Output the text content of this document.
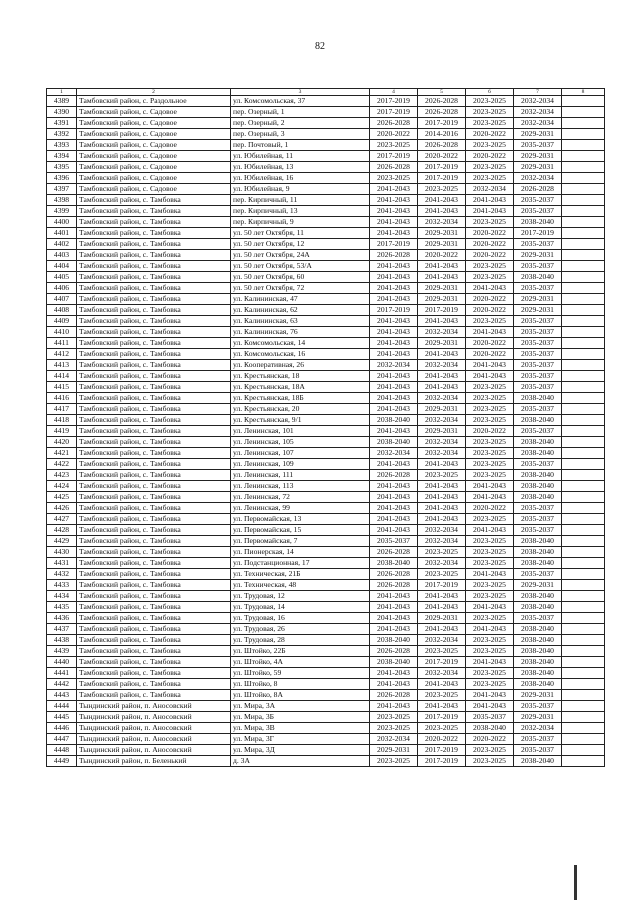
82
1	2	3	4	5	6	7	8
4389	Тамбовский район, с. Раздольное	ул. Комсомольская, 37	2017-2019	2026-2028	2023-2025	2032-2034	
4390	Тамбовский район, с. Садовое	пер. Озерный, 1	2017-2019	2026-2028	2023-2025	2032-2034	
4391	Тамбовский район, с. Садовое	пер. Озерный, 2	2026-2028	2017-2019	2023-2025	2032-2034	
4392	Тамбовский район, с. Садовое	пер. Озерный, 3	2020-2022	2014-2016	2020-2022	2029-2031	
4393	Тамбовский район, с. Садовое	пер. Почтовый, 1	2023-2025	2026-2028	2023-2025	2035-2037	
4394	Тамбовский район, с. Садовое	ул. Юбилейная, 11	2017-2019	2020-2022	2020-2022	2029-2031	
4395	Тамбовский район, с. Садовое	ул. Юбилейная, 13	2026-2028	2017-2019	2023-2025	2029-2031	
4396	Тамбовский район, с. Садовое	ул. Юбилейная, 16	2023-2025	2017-2019	2023-2025	2032-2034	
4397	Тамбовский район, с. Садовое	ул. Юбилейная, 9	2041-2043	2023-2025	2032-2034	2026-2028	
4398	Тамбовский район, с. Тамбовка	пер. Кирпичный, 11	2041-2043	2041-2043	2041-2043	2035-2037	
4399	Тамбовский район, с. Тамбовка	пер. Кирпичный, 13	2041-2043	2041-2043	2041-2043	2035-2037	
4400	Тамбовский район, с. Тамбовка	пер. Кирпичный, 9	2041-2043	2032-2034	2023-2025	2038-2040	
4401	Тамбовский район, с. Тамбовка	ул. 50 лет Октября, 11	2041-2043	2029-2031	2020-2022	2017-2019	
4402	Тамбовский район, с. Тамбовка	ул. 50 лет Октября, 12	2017-2019	2029-2031	2020-2022	2035-2037	
4403	Тамбовский район, с. Тамбовка	ул. 50 лет Октября, 24А	2026-2028	2020-2022	2020-2022	2029-2031	
4404	Тамбовский район, с. Тамбовка	ул. 50 лет Октября, 53/А	2041-2043	2041-2043	2023-2025	2035-2037	
4405	Тамбовский район, с. Тамбовка	ул. 50 лет Октября, 60	2041-2043	2041-2043	2023-2025	2038-2040	
4406	Тамбовский район, с. Тамбовка	ул. 50 лет Октября, 72	2041-2043	2029-2031	2041-2043	2035-2037	
4407	Тамбовский район, с. Тамбовка	ул. Калининская, 47	2041-2043	2029-2031	2020-2022	2029-2031	
4408	Тамбовский район, с. Тамбовка	ул. Калининская, 62	2017-2019	2017-2019	2020-2022	2029-2031	
4409	Тамбовский район, с. Тамбовка	ул. Калининская, 63	2041-2043	2041-2043	2023-2025	2035-2037	
4410	Тамбовский район, с. Тамбовка	ул. Калининская, 76	2041-2043	2032-2034	2041-2043	2035-2037	
4411	Тамбовский район, с. Тамбовка	ул. Комсомольская, 14	2041-2043	2029-2031	2020-2022	2035-2037	
4412	Тамбовский район, с. Тамбовка	ул. Комсомольская, 16	2041-2043	2041-2043	2020-2022	2035-2037	
4413	Тамбовский район, с. Тамбовка	ул. Кооперативная, 26	2032-2034	2032-2034	2041-2043	2035-2037	
4414	Тамбовский район, с. Тамбовка	ул. Крестьянская, 18	2041-2043	2041-2043	2041-2043	2035-2037	
4415	Тамбовский район, с. Тамбовка	ул. Крестьянская, 18А	2041-2043	2041-2043	2023-2025	2035-2037	
4416	Тамбовский район, с. Тамбовка	ул. Крестьянская, 18Б	2041-2043	2032-2034	2023-2025	2038-2040	
4417	Тамбовский район, с. Тамбовка	ул. Крестьянская, 20	2041-2043	2029-2031	2023-2025	2035-2037	
4418	Тамбовский район, с. Тамбовка	ул. Крестьянская, 9/1	2038-2040	2032-2034	2023-2025	2038-2040	
4419	Тамбовский район, с. Тамбовка	ул. Ленинская, 101	2041-2043	2029-2031	2020-2022	2035-2037	
4420	Тамбовский район, с. Тамбовка	ул. Ленинская, 105	2038-2040	2032-2034	2023-2025	2038-2040	
4421	Тамбовский район, с. Тамбовка	ул. Ленинская, 107	2032-2034	2032-2034	2023-2025	2038-2040	
4422	Тамбовский район, с. Тамбовка	ул. Ленинская, 109	2041-2043	2041-2043	2023-2025	2035-2037	
4423	Тамбовский район, с. Тамбовка	ул. Ленинская, 111	2026-2028	2023-2025	2023-2025	2038-2040	
4424	Тамбовский район, с. Тамбовка	ул. Ленинская, 113	2041-2043	2041-2043	2041-2043	2038-2040	
4425	Тамбовский район, с. Тамбовка	ул. Ленинская, 72	2041-2043	2041-2043	2041-2043	2038-2040	
4426	Тамбовский район, с. Тамбовка	ул. Ленинская, 99	2041-2043	2041-2043	2020-2022	2035-2037	
4427	Тамбовский район, с. Тамбовка	ул. Первомайская, 13	2041-2043	2041-2043	2023-2025	2035-2037	
4428	Тамбовский район, с. Тамбовка	ул. Первомайская, 15	2041-2043	2032-2034	2041-2043	2035-2037	
4429	Тамбовский район, с. Тамбовка	ул. Первомайская, 7	2035-2037	2032-2034	2023-2025	2038-2040	
4430	Тамбовский район, с. Тамбовка	ул. Пионерская, 14	2026-2028	2023-2025	2023-2025	2038-2040	
4431	Тамбовский район, с. Тамбовка	ул. Подстанционная, 17	2038-2040	2032-2034	2023-2025	2038-2040	
4432	Тамбовский район, с. Тамбовка	ул. Техническая, 21Б	2026-2028	2023-2025	2041-2043	2035-2037	
4433	Тамбовский район, с. Тамбовка	ул. Техническая, 48	2026-2028	2017-2019	2023-2025	2029-2031	
4434	Тамбовский район, с. Тамбовка	ул. Трудовая, 12	2041-2043	2041-2043	2023-2025	2038-2040	
4435	Тамбовский район, с. Тамбовка	ул. Трудовая, 14	2041-2043	2041-2043	2041-2043	2038-2040	
4436	Тамбовский район, с. Тамбовка	ул. Трудовая, 16	2041-2043	2029-2031	2023-2025	2035-2037	
4437	Тамбовский район, с. Тамбовка	ул. Трудовая, 26	2041-2043	2041-2043	2041-2043	2038-2040	
4438	Тамбовский район, с. Тамбовка	ул. Трудовая, 28	2038-2040	2032-2034	2023-2025	2038-2040	
4439	Тамбовский район, с. Тамбовка	ул. Штойко, 22Б	2026-2028	2023-2025	2023-2025	2038-2040	
4440	Тамбовский район, с. Тамбовка	ул. Штойко, 4А	2038-2040	2017-2019	2041-2043	2038-2040	
4441	Тамбовский район, с. Тамбовка	ул. Штойко, 59	2041-2043	2032-2034	2023-2025	2038-2040	
4442	Тамбовский район, с. Тамбовка	ул. Штойко, 8	2041-2043	2041-2043	2023-2025	2038-2040	
4443	Тамбовский район, с. Тамбовка	ул. Штойко, 8А	2026-2028	2023-2025	2041-2043	2029-2031	
4444	Тындинский район, п. Аносовский	ул. Мира, 3А	2041-2043	2041-2043	2041-2043	2035-2037	
4445	Тындинский район, п. Аносовский	ул. Мира, 3Б	2023-2025	2017-2019	2035-2037	2029-2031	
4446	Тындинский район, п. Аносовский	ул. Мира, 3В	2023-2025	2023-2025	2038-2040	2032-2034	
4447	Тындинский район, п. Аносовский	ул. Мира, 3Г	2032-2034	2020-2022	2020-2022	2035-2037	
4448	Тындинский район, п. Аносовский	ул. Мира, 3Д	2029-2031	2017-2019	2023-2025	2035-2037	
4449	Тындинский район, п. Беленький	д. 3А	2023-2025	2017-2019	2023-2025	2038-2040	
